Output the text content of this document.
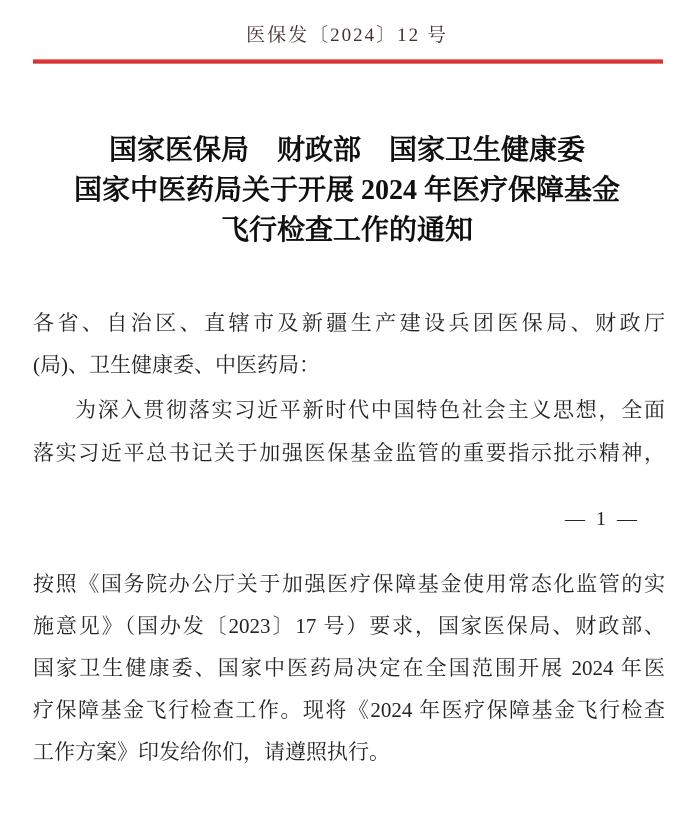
医保发〔2024〕12 号
国家医保局　财政部　国家卫生健康委
国家中医药局关于开展 2024 年医疗保障基金
飞行检查工作的通知
各省、自治区、直辖市及新疆生产建设兵团医保局、财政厅
(局)、卫生健康委、中医药局：
为深入贯彻落实习近平新时代中国特色社会主义思想，全面
落实习近平总书记关于加强医保基金监管的重要指示批示精神，
— 1 —
按照《国务院办公厅关于加强医疗保障基金使用常态化监管的实
施意见》（国办发〔2023〕17 号）要求，国家医保局、财政部、
国家卫生健康委、国家中医药局决定在全国范围开展 2024 年医
疗保障基金飞行检查工作。现将《2024 年医疗保障基金飞行检查
工作方案》印发给你们，请遵照执行。
